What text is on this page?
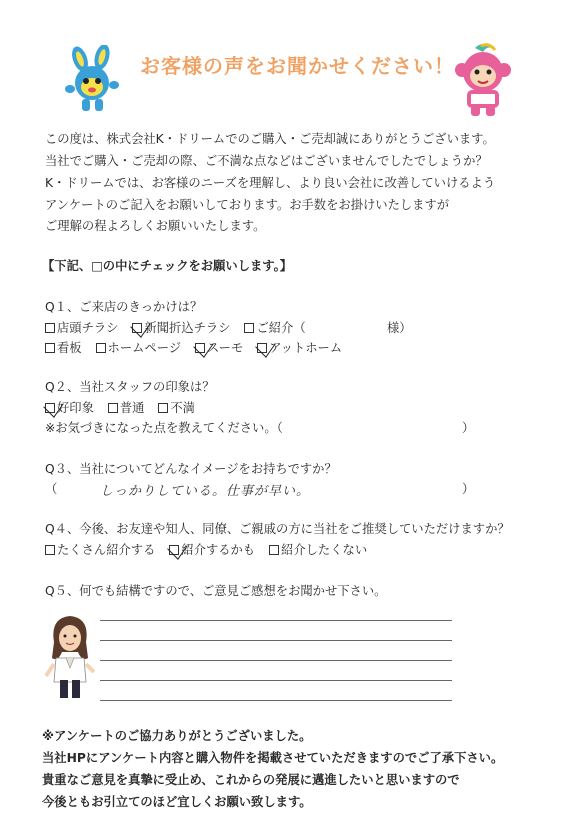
お客様の声をお聞かせください！
この度は、株式会社K・ドリームでのご購入・ご売却誠にありがとうございます。
当社でご購入・ご売却の際、ご不満な点などはございませんでしたでしょうか？
K・ドリームでは、お客様のニーズを理解し、より良い会社に改善していけるよう
アンケートのご記入をお願いしております。お手数をお掛けいたしますが
ご理解の程よろしくお願いいたします。
【下記、□の中にチェックをお願いします。】
Q１、ご来店のきっかけは？
店頭チラシ 新聞折込チラシ ご紹介（	様）
看板 ホームページ スーモ アットホーム
Q２、当社スタッフの印象は？
好印象 普通 不満
※お気づきになった点を教えてください。（	）
Q３、当社についてどんなイメージをお持ちですか？
（	しっかりしている。仕事が早い。	）
Q４、今後、お友達や知人、同僚、ご親戚の方に当社をご推奨していただけますか？
たくさん紹介する 紹介するかも 紹介したくない
Q５、何でも結構ですので、ご意見ご感想をお聞かせ下さい。
※アンケートのご協力ありがとうございました。
当社HPにアンケート内容と購入物件を掲載させていただきますのでご了承下さい。
貴重なご意見を真摯に受止め、これからの発展に邁進したいと思いますので
今後ともお引立てのほど宜しくお願い致します。
